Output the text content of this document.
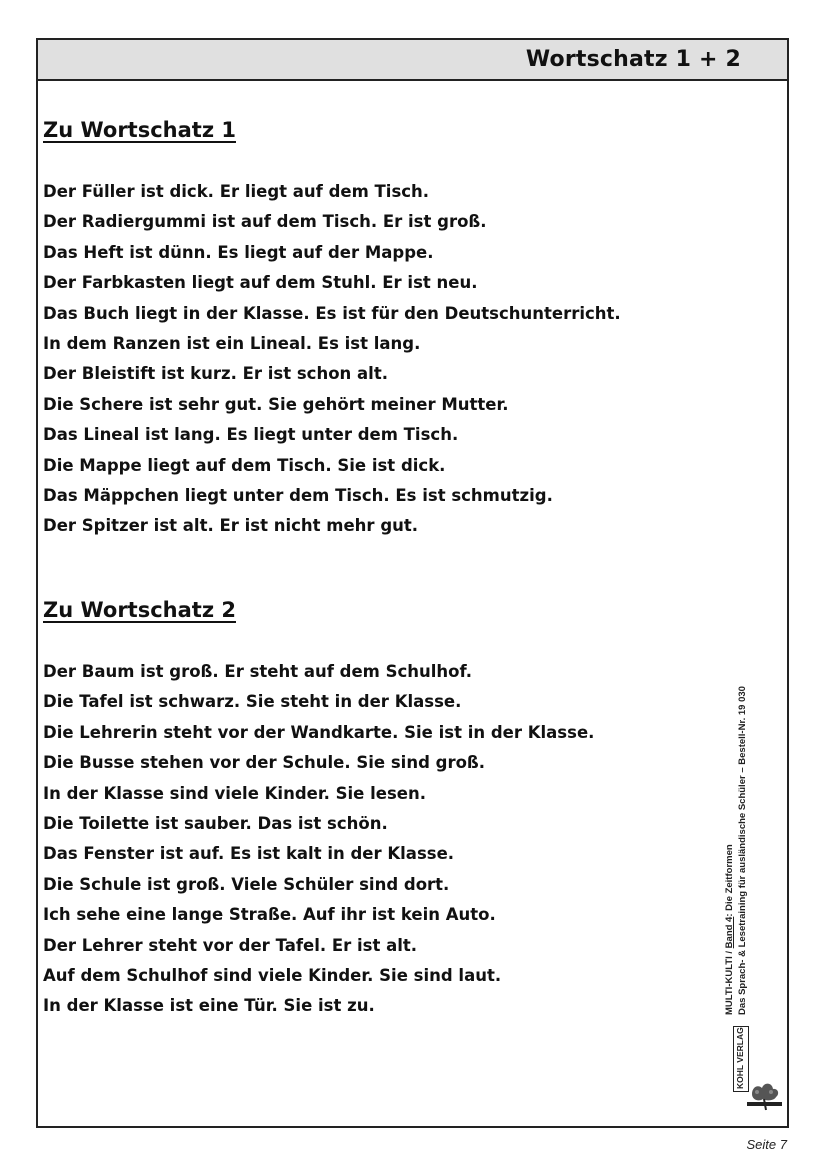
Wortschatz 1 + 2
Zu Wortschatz 1
Der Füller ist dick. Er liegt auf dem Tisch.
Der Radiergummi ist auf dem Tisch. Er ist groß.
Das Heft ist dünn. Es liegt auf der Mappe.
Der Farbkasten liegt auf dem Stuhl. Er ist neu.
Das Buch liegt in der Klasse. Es ist für den Deutschunterricht.
In dem Ranzen ist ein Lineal. Es ist lang.
Der Bleistift ist kurz. Er ist schon alt.
Die Schere ist sehr gut. Sie gehört meiner Mutter.
Das Lineal ist lang. Es liegt unter dem Tisch.
Die Mappe liegt auf dem Tisch. Sie ist dick.
Das Mäppchen liegt unter dem Tisch. Es ist schmutzig.
Der Spitzer ist alt. Er ist nicht mehr gut.
Zu Wortschatz 2
Der Baum ist groß. Er steht auf dem Schulhof.
Die Tafel ist schwarz. Sie steht in der Klasse.
Die Lehrerin steht vor der Wandkarte. Sie ist in der Klasse.
Die Busse stehen vor der Schule. Sie sind groß.
In der Klasse sind viele Kinder. Sie lesen.
Die Toilette ist sauber. Das ist schön.
Das Fenster ist auf. Es ist kalt in der Klasse.
Die Schule ist groß. Viele Schüler sind dort.
Ich sehe eine lange Straße. Auf ihr ist kein Auto.
Der Lehrer steht vor der Tafel. Er ist alt.
Auf dem Schulhof sind viele Kinder. Sie sind laut.
In der Klasse ist eine Tür. Sie ist zu.	MULTI-KULTI / Band 4: Die Zeitformen Das Sprach- & Lesetraining für ausländische Schüler – Bestell-Nr. 19 030
KOHL VERLAG
Seite 7
